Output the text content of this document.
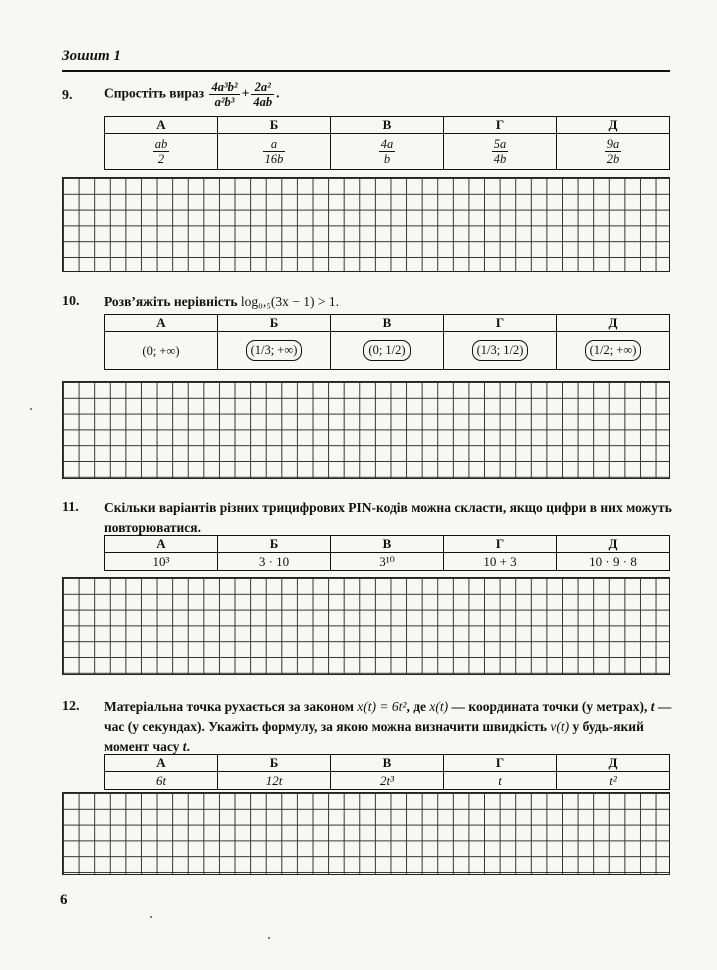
Зошит 1
9. Спростіть вираз $\frac{\text{4a³b²}}{\text{a²b³}} + \frac{\text{2a²}}{4ab}$ .
А	Б	В	Г	Д

$\frac{ab}{2}$	$\frac{a}{16b}$	$\frac{4a}{b}$	$\frac{5a}{4b}$	$\frac{9a}{2b}$
10. Розв’яжіть нерівність log₀,₅(3x − 1) > 1.
А	Б	В	Г	Д
(0; +∞)	(1/3; +∞)	(0; 1/2)	(1/3; 1/2)	(1/2; +∞)
11. Скільки варіантів різних трицифрових PIN-кодів можна скласти, якщо цифри в них можуть повторюватися.
А	Б	В	Г	Д
10³	3 · 10	3¹⁰	10 + 3	10 · 9 · 8
12. Матеріальна точка рухається за законом x(t) = 6t², де x(t) — координата точки (у метрах), t — час (у секундах). Укажіть формулу, за якою можна визначити швидкість v(t) у будь-який момент часу t.
А	Б	В	Г	Д
6t	12t	2t³	t	t²
6
